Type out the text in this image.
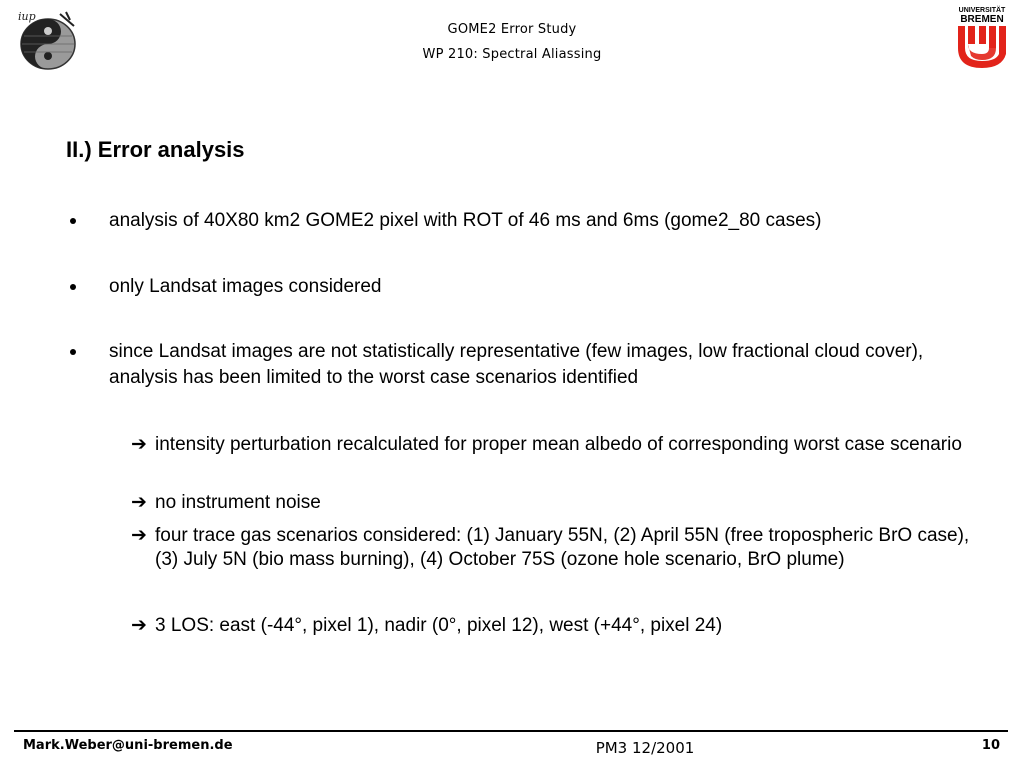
iup
GOME2 Error Study
WP 210: Spectral Aliassing
UNIVERSITÄT
BREMEN
II.) Error analysis
analysis of 40X80 km2 GOME2 pixel with ROT of 46 ms and 6ms (gome2_80 cases)
only Landsat images considered
since Landsat images are not statistically representative (few images, low fractional cloud cover), analysis has been limited to the worst case scenarios identified
➔ intensity perturbation recalculated for proper mean albedo of corresponding worst case scenario
➔ no instrument noise
➔ four trace gas scenarios considered: (1) January 55N, (2) April 55N (free tropospheric BrO case), (3) July 5N (bio mass burning), (4) October 75S (ozone hole scenario, BrO plume)
➔ 3 LOS: east (-44°, pixel 1), nadir (0°, pixel 12), west (+44°, pixel 24)
Mark.Weber@uni-bremen.de	PM3 12/2001	10
